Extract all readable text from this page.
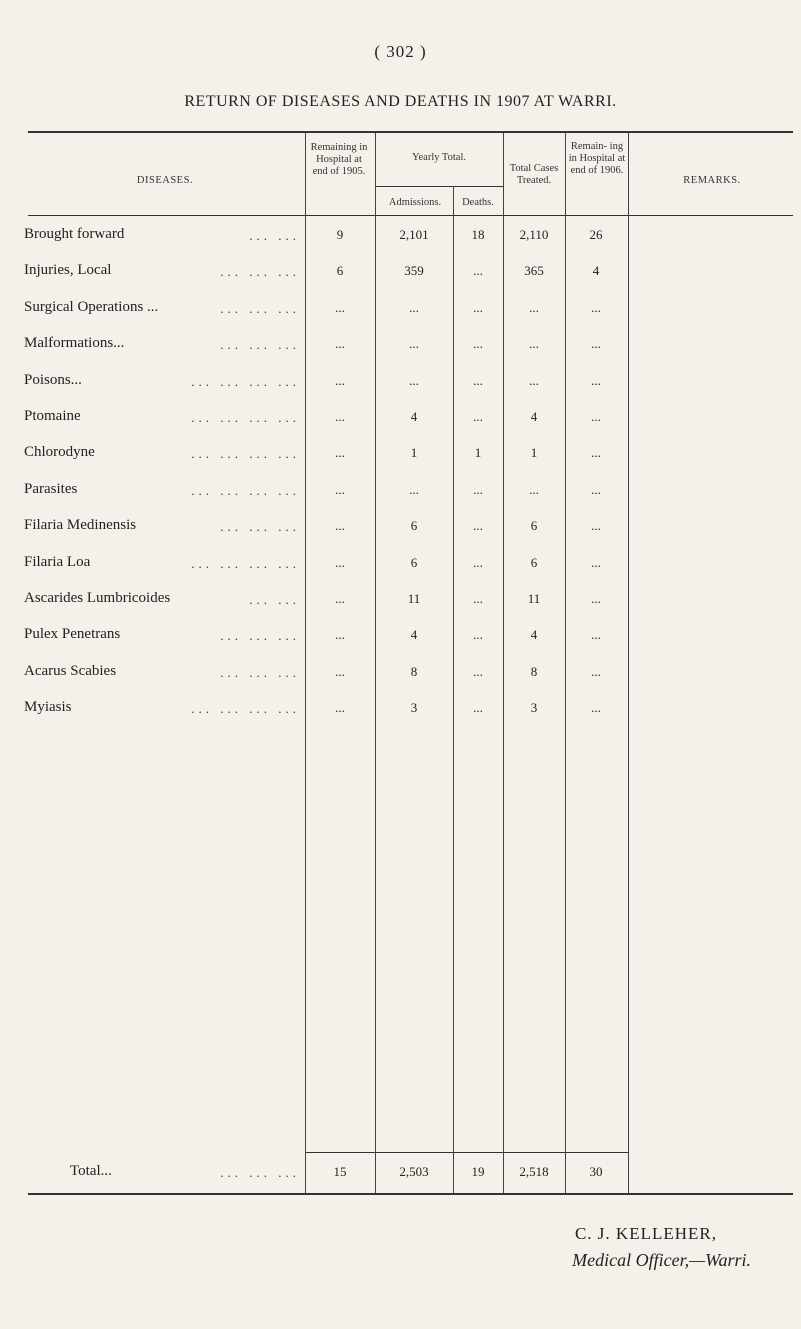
( 302 )
RETURN OF DISEASES AND DEATHS IN 1907 AT WARRI.
DISEASES.
Remaining in Hospital at end of 1905.
Yearly Total.
Admissions.	Deaths.
Total Cases Treated.
Remain- ing in Hospital at end of 1906.
REMARKS.
Brought forward	... ...	9	2,101	18	2,110	26
Injuries, Local	... ... ...	6	359	...	365	4
Surgical Operations ...	... ... ...	...	...	...	...	...
Malformations...	... ... ...	...	...	...	...	...
Poisons...	... ... ... ...	...	...	...	...	...
Ptomaine	... ... ... ...	...	4	...	4	...
Chlorodyne	... ... ... ...	...	1	1	1	...
Parasites	... ... ... ...	...	...	...	...	...
Filaria Medinensis	... ... ...	...	6	...	6	...
Filaria Loa	... ... ... ...	...	6	...	6	...
Ascarides Lumbricoides	... ...	...	11	...	11	...
Pulex Penetrans	... ... ...	...	4	...	4	...
Acarus Scabies	... ... ...	...	8	...	8	...
Myiasis	... ... ... ...	...	3	...	3	...
Total...	... ... ...	15	2,503	19	2,518	30
C. J. KELLEHER,
Medical Officer,—Warri.
